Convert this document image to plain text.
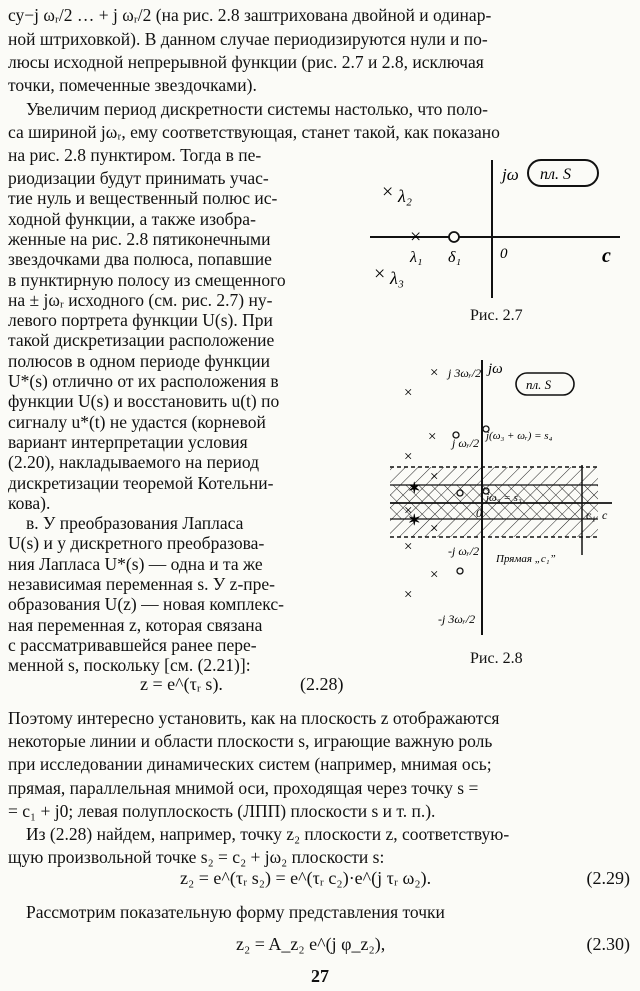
су−j ωᵣ/2 … + j ωᵣ/2 (на рис. 2.8 заштрихована двойной и одинар-
ной штриховкой). В данном случае периодизируются нули и по-
люсы исходной непрерывной функции (рис. 2.7 и 2.8, исключая
точки, помеченные звездочками).
Увеличим период дискретности системы настолько, что поло-
са шириной jωᵣ, ему соответствующая, станет такой, как показано
на рис. 2.8 пунктиром. Тогда в пе-
риодизации будут принимать учас-
тие нуль и вещественный полюс ис-
ходной функции, а также изобра-
женные на рис. 2.8 пятиконечными
звездочками два полюса, попавшие
в пунктирную полосу из смещенного
на ± jωᵣ исходного (см. рис. 2.7) ну-
левого портрета функции U(s). При
такой дискретизации расположение
полюсов в одном периоде функции
U*(s) отлично от их расположения в
функции U(s) и восстановить u(t) по
сигналу u*(t) не удастся (корневой
вариант интерпретации условия
(2.20), накладываемого на период
дискретизации теоремой Котельни-
кова).
в. У преобразования Лапласа
U(s) и у дискретного преобразова-
ния Лапласа U*(s) — одна и та же
независимая переменная s. У z-пре-
образования U(z) — новая комплекс-
ная переменная z, которая связана
с рассматривавшейся ранее пере-
менной s, поскольку [см. (2.21)]:
z = e^(τᵣ s).	(2.28)
jω пл. S
× λ₂
×
λ₁ δ₁	0	c
× λ₃
Рис. 2.7
jω
пл. S
j 3ωᵣ/2
j ωᵣ/2
-j ωᵣ/2
-j 3ωᵣ/2
j(ω₃ + ωᵣ) = s₄
jω₃ = s₃
Прямая „c₁”
0	c₁ c
×
×
×
×
×
×
×
×
×
×
✶
✶
Рис. 2.8
Поэтому интересно установить, как на плоскость z отображаются
некоторые линии и области плоскости s, играющие важную роль
при исследовании динамических систем (например, мнимая ось;
прямая, параллельная мнимой оси, проходящая через точку s =
= c₁ + j0; левая полуплоскость (ЛПП) плоскости s и т. п.).
Из (2.28) найдем, например, точку z₂ плоскости z, соответствую-
щую произвольной точке s₂ = c₂ + jω₂ плоскости s:
z₂ = e^(τᵣ s₂) = e^(τᵣ c₂)·e^(j τᵣ ω₂).	(2.29)
Рассмотрим показательную форму представления точки
z₂ = A_z₂ e^(j φ_z₂),	(2.30)
27
